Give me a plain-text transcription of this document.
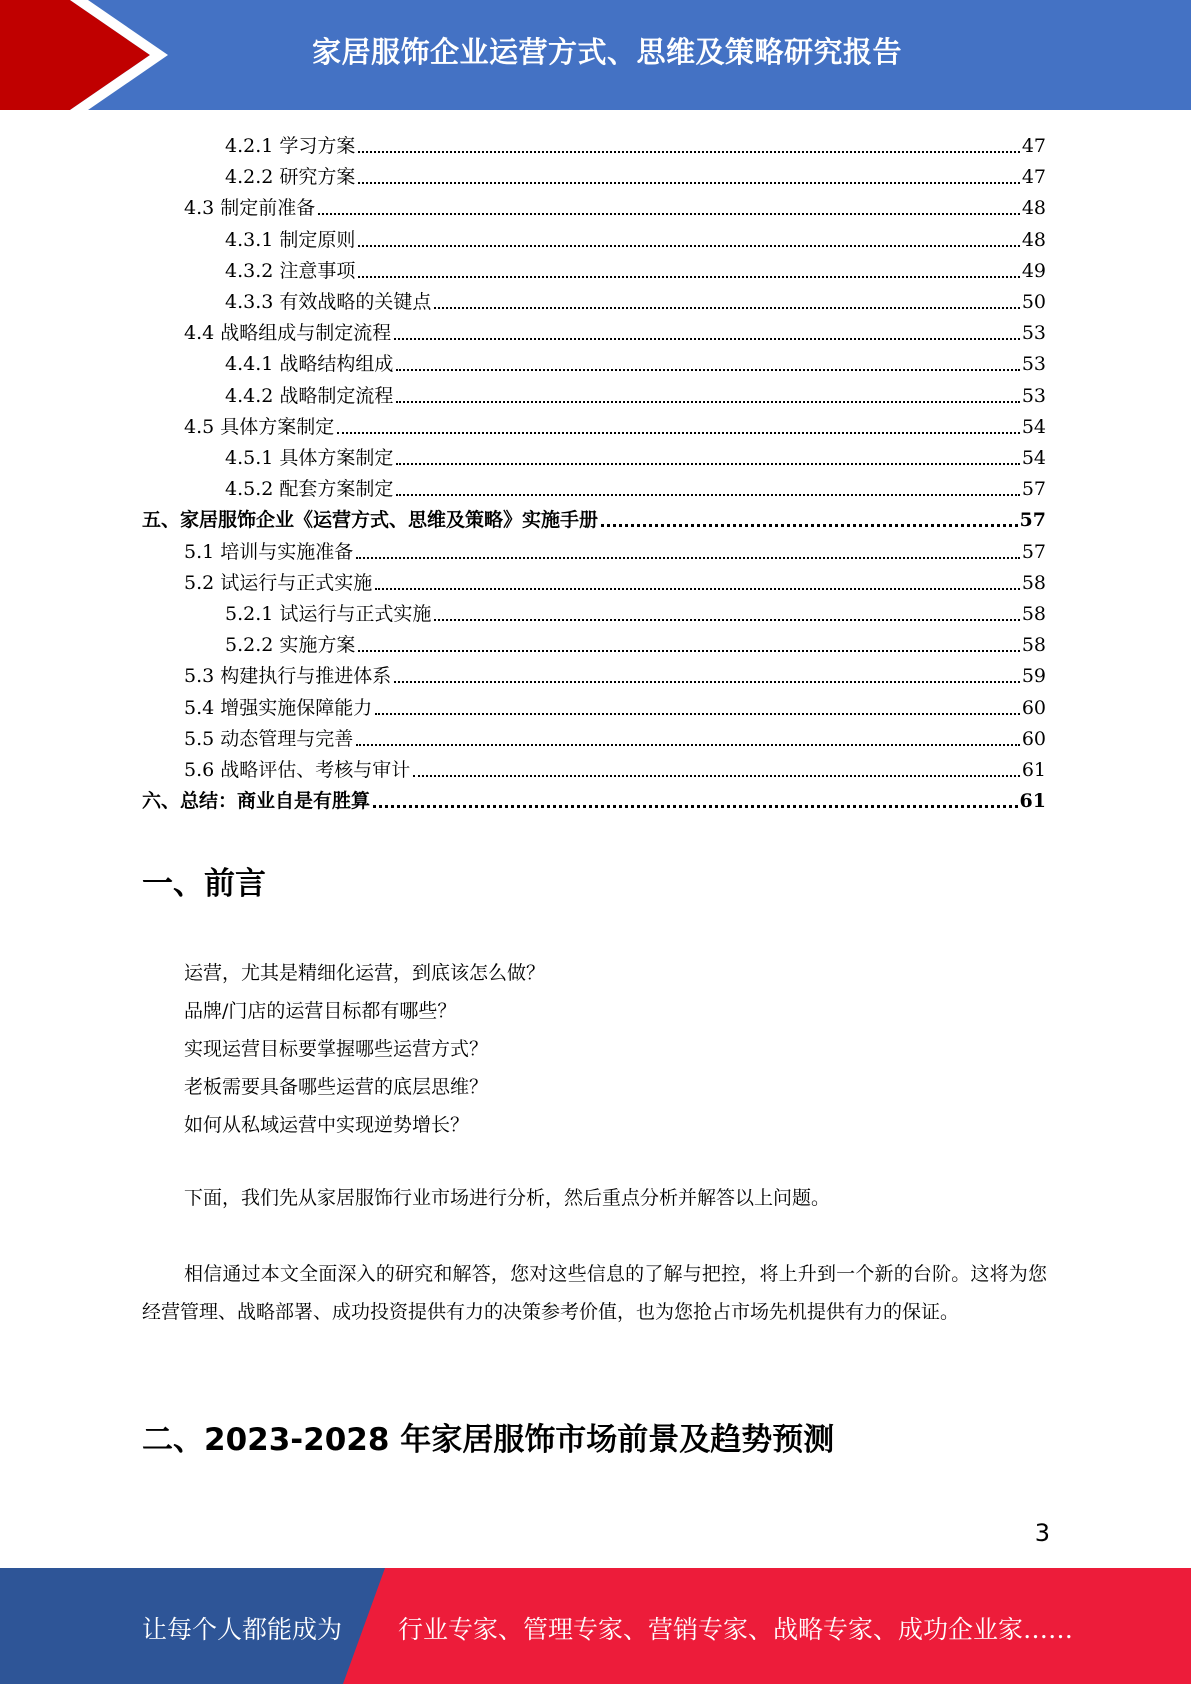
家居服饰企业运营方式、思维及策略研究报告
4.2.1 学习方案	47
4.2.2 研究方案	47
4.3 制定前准备	48
4.3.1 制定原则	48
4.3.2 注意事项	49
4.3.3 有效战略的关键点	50
4.4 战略组成与制定流程	53
4.4.1 战略结构组成	53
4.4.2 战略制定流程	53
4.5 具体方案制定	54
4.5.1 具体方案制定	54
4.5.2 配套方案制定	57
五、家居服饰企业《运营方式、思维及策略》实施手册	57
5.1 培训与实施准备	57
5.2 试运行与正式实施	58
5.2.1 试运行与正式实施	58
5.2.2 实施方案	58
5.3 构建执行与推进体系	59
5.4 增强实施保障能力	60
5.5 动态管理与完善	60
5.6 战略评估、考核与审计	61
六、总结：商业自是有胜算	61
一、前言
运营，尤其是精细化运营，到底该怎么做？
品牌/门店的运营目标都有哪些？
实现运营目标要掌握哪些运营方式？
老板需要具备哪些运营的底层思维？
如何从私域运营中实现逆势增长？
下面，我们先从家居服饰行业市场进行分析，然后重点分析并解答以上问题。
相信通过本文全面深入的研究和解答，您对这些信息的了解与把控，将上升到一个新的台阶。这将为您经营管理、战略部署、成功投资提供有力的决策参考价值，也为您抢占市场先机提供有力的保证。
二、2023-2028 年家居服饰市场前景及趋势预测
3
让每个人都能成为 行业专家、管理专家、营销专家、战略专家、成功企业家……
